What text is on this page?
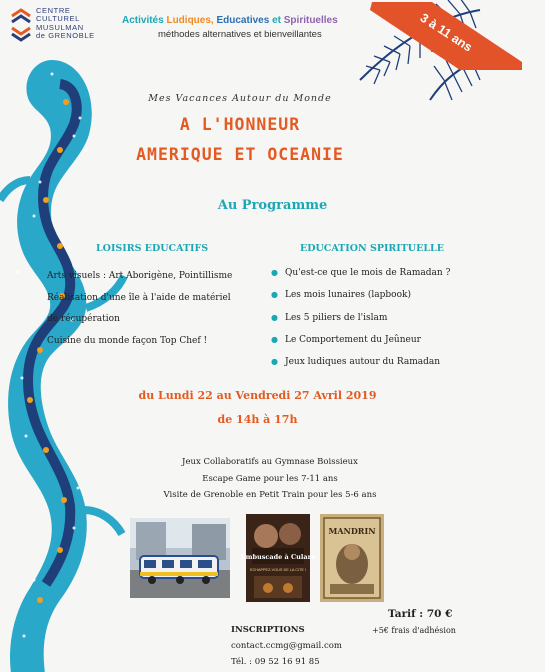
3 à 11 ans
CENTRE
CULTUREL
MUSULMAN
de GRENOBLE
Activités Ludiques, Educatives et Spirituelles
méthodes alternatives et bienveillantes
Mes Vacances Autour du Monde
A L'HONNEUR
AMERIQUE ET OCEANIE
Au Programme
LOISIRS EDUCATIFS	EDUCATION SPIRITUELLE
Arts visuels : Art Aborigène, Pointillisme
Réalisation d'une île à l'aide de matériel
de récupération
Cuisine du monde façon Top Chef !
● Qu'est-ce que le mois de Ramadan ?
● Les mois lunaires (lapbook)
● Les 5 piliers de l'islam
● Le Comportement du Jeûneur
● Jeux ludiques autour du Ramadan
du Lundi 22 au Vendredi 27 Avril 2019
de 14h à 17h
Jeux Collaboratifs au Gymnase Boissieux
Escape Game pour les 7-11 ans
Visite de Grenoble en Petit Train pour les 5-6 ans
Embuscade à Cularo
ECHAPPEZ-VOUS DE LA CITE !
MANDRIN
Tarif : 70 €
+5€ frais d'adhésion
INSCRIPTIONS
contact.ccmg@gmail.com
Tél. : 09 52 16 91 85
